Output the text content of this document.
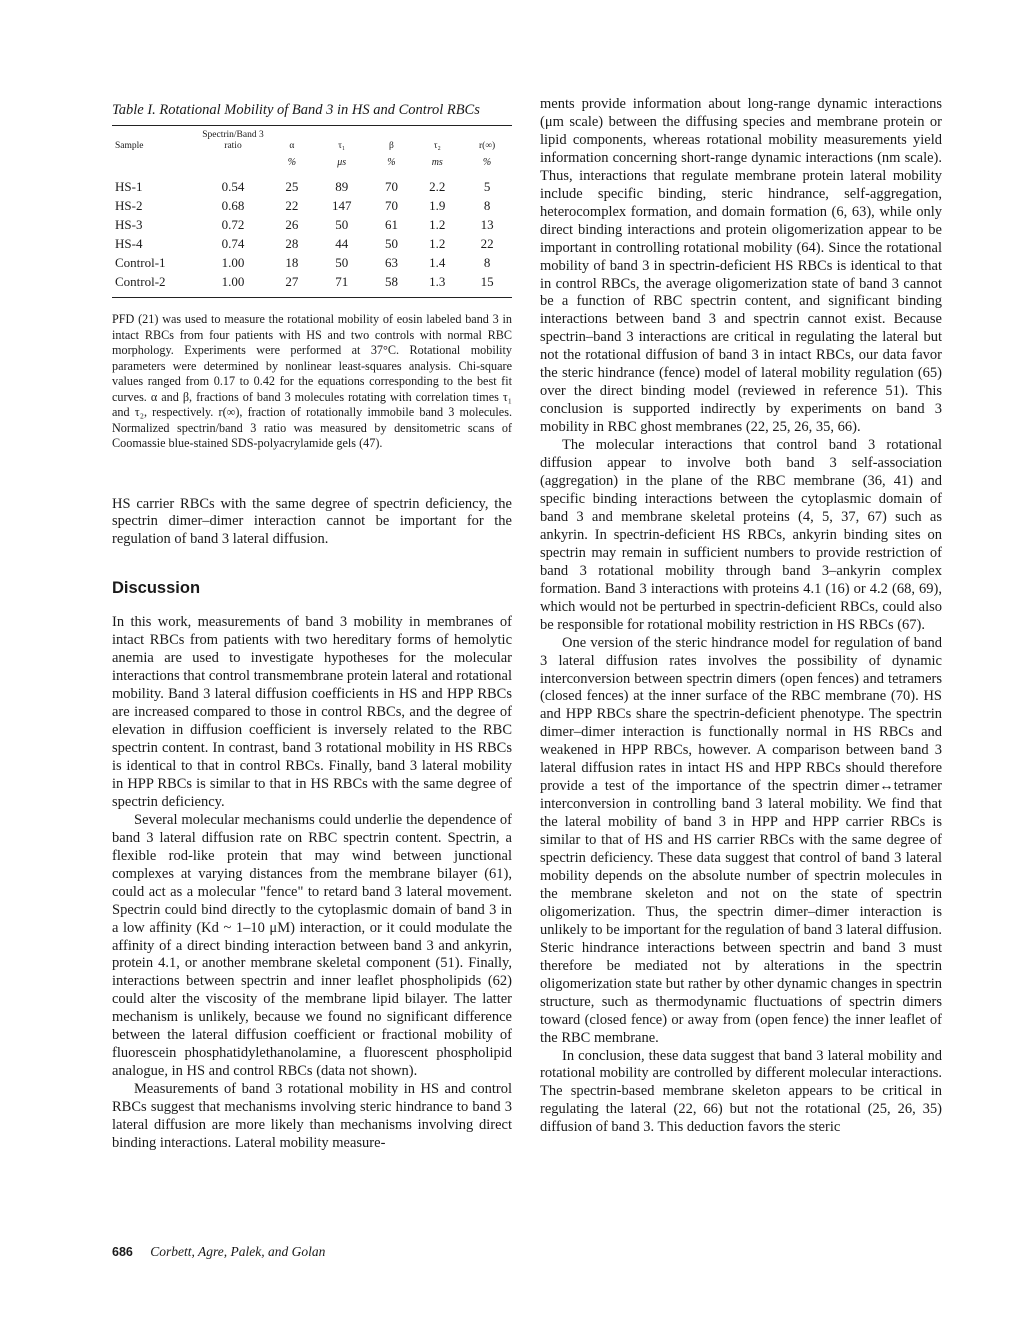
Table I. Rotational Mobility of Band 3 in HS and Control RBCs
Sample	Spectrin/Band 3 ratio	α	τ₁	β	τ₂	r(∞)
		%	μs	%	ms	%

HS-1	0.54	25	89	70	2.2	5
HS-2	0.68	22	147	70	1.9	8
HS-3	0.72	26	50	61	1.2	13
HS-4	0.74	28	44	50	1.2	22
Control-1	1.00	18	50	63	1.4	8
Control-2	1.00	27	71	58	1.3	15

PFD (21) was used to measure the rotational mobility of eosin labeled band 3 in intact RBCs from four patients with HS and two controls with normal RBC morphology. Experiments were performed at 37°C. Rotational mobility parameters were determined by nonlinear least-squares analysis. Chi-square values ranged from 0.17 to 0.42 for the equations corresponding to the best fit curves. α and β, fractions of band 3 molecules rotating with correlation times τ₁ and τ₂, respectively. r(∞), fraction of rotationally immobile band 3 molecules. Normalized spectrin/band 3 ratio was measured by densitometric scans of Coomassie blue-stained SDS-polyacrylamide gels (47).

HS carrier RBCs with the same degree of spectrin deficiency, the spectrin dimer–dimer interaction cannot be important for the regulation of band 3 lateral diffusion.

Discussion

In this work, measurements of band 3 mobility in membranes of intact RBCs from patients with two hereditary forms of hemolytic anemia are used to investigate hypotheses for the molecular interactions that control transmembrane protein lateral and rotational mobility. Band 3 lateral diffusion coefficients in HS and HPP RBCs are increased compared to those in control RBCs, and the degree of elevation in diffusion coefficient is inversely related to the RBC spectrin content. In contrast, band 3 rotational mobility in HS RBCs is identical to that in control RBCs. Finally, band 3 lateral mobility in HPP RBCs is similar to that in HS RBCs with the same degree of spectrin deficiency.

Several molecular mechanisms could underlie the dependence of band 3 lateral diffusion rate on RBC spectrin content. Spectrin, a flexible rod-like protein that may wind between junctional complexes at varying distances from the membrane bilayer (61), could act as a molecular "fence" to retard band 3 lateral movement. Spectrin could bind directly to the cytoplasmic domain of band 3 in a low affinity (Kd ~ 1–10 μM) interaction, or it could modulate the affinity of a direct binding interaction between band 3 and ankyrin, protein 4.1, or another membrane skeletal component (51). Finally, interactions between spectrin and inner leaflet phospholipids (62) could alter the viscosity of the membrane lipid bilayer. The latter mechanism is unlikely, because we found no significant difference between the lateral diffusion coefficient or fractional mobility of fluorescein phosphatidylethanolamine, a fluorescent phospholipid analogue, in HS and control RBCs (data not shown).

Measurements of band 3 rotational mobility in HS and control RBCs suggest that mechanisms involving steric hindrance to band 3 lateral diffusion are more likely than mechanisms involving direct binding interactions. Lateral mobility measure-

ments provide information about long-range dynamic interactions (μm scale) between the diffusing species and membrane protein or lipid components, whereas rotational mobility measurements yield information concerning short-range dynamic interactions (nm scale). Thus, interactions that regulate membrane protein lateral mobility include specific binding, steric hindrance, self-aggregation, heterocomplex formation, and domain formation (6, 63), while only direct binding interactions and protein oligomerization appear to be important in controlling rotational mobility (64). Since the rotational mobility of band 3 in spectrin-deficient HS RBCs is identical to that in control RBCs, the average oligomerization state of band 3 cannot be a function of RBC spectrin content, and significant binding interactions between band 3 and spectrin cannot exist. Because spectrin–band 3 interactions are critical in regulating the lateral but not the rotational diffusion of band 3 in intact RBCs, our data favor the steric hindrance (fence) model of lateral mobility regulation (65) over the direct binding model (reviewed in reference 51). This conclusion is supported indirectly by experiments on band 3 mobility in RBC ghost membranes (22, 25, 26, 35, 66).

The molecular interactions that control band 3 rotational diffusion appear to involve both band 3 self-association (aggregation) in the plane of the RBC membrane (36, 41) and specific binding interactions between the cytoplasmic domain of band 3 and membrane skeletal proteins (4, 5, 37, 67) such as ankyrin. In spectrin-deficient HS RBCs, ankyrin binding sites on spectrin may remain in sufficient numbers to provide restriction of band 3 rotational mobility through band 3–ankyrin complex formation. Band 3 interactions with proteins 4.1 (16) or 4.2 (68, 69), which would not be perturbed in spectrin-deficient RBCs, could also be responsible for rotational mobility restriction in HS RBCs (67).

One version of the steric hindrance model for regulation of band 3 lateral diffusion rates involves the possibility of dynamic interconversion between spectrin dimers (open fences) and tetramers (closed fences) at the inner surface of the RBC membrane (70). HS and HPP RBCs share the spectrin-deficient phenotype. The spectrin dimer–dimer interaction is functionally normal in HS RBCs and weakened in HPP RBCs, however. A comparison between band 3 lateral diffusion rates in intact HS and HPP RBCs should therefore provide a test of the importance of the spectrin dimer↔tetramer interconversion in controlling band 3 lateral mobility. We find that the lateral mobility of band 3 in HPP and HPP carrier RBCs is similar to that of HS and HS carrier RBCs with the same degree of spectrin deficiency. These data suggest that control of band 3 lateral mobility depends on the absolute number of spectrin molecules in the membrane skeleton and not on the state of spectrin oligomerization. Thus, the spectrin dimer–dimer interaction is unlikely to be important for the regulation of band 3 lateral diffusion. Steric hindrance interactions between spectrin and band 3 must therefore be mediated not by alterations in the spectrin oligomerization state but rather by other dynamic changes in spectrin structure, such as thermodynamic fluctuations of spectrin dimers toward (closed fence) or away from (open fence) the inner leaflet of the RBC membrane.

In conclusion, these data suggest that band 3 lateral mobility and rotational mobility are controlled by different molecular interactions. The spectrin-based membrane skeleton appears to be critical in regulating the lateral (22, 66) but not the rotational (25, 26, 35) diffusion of band 3. This deduction favors the steric

686 Corbett, Agre, Palek, and Golan
